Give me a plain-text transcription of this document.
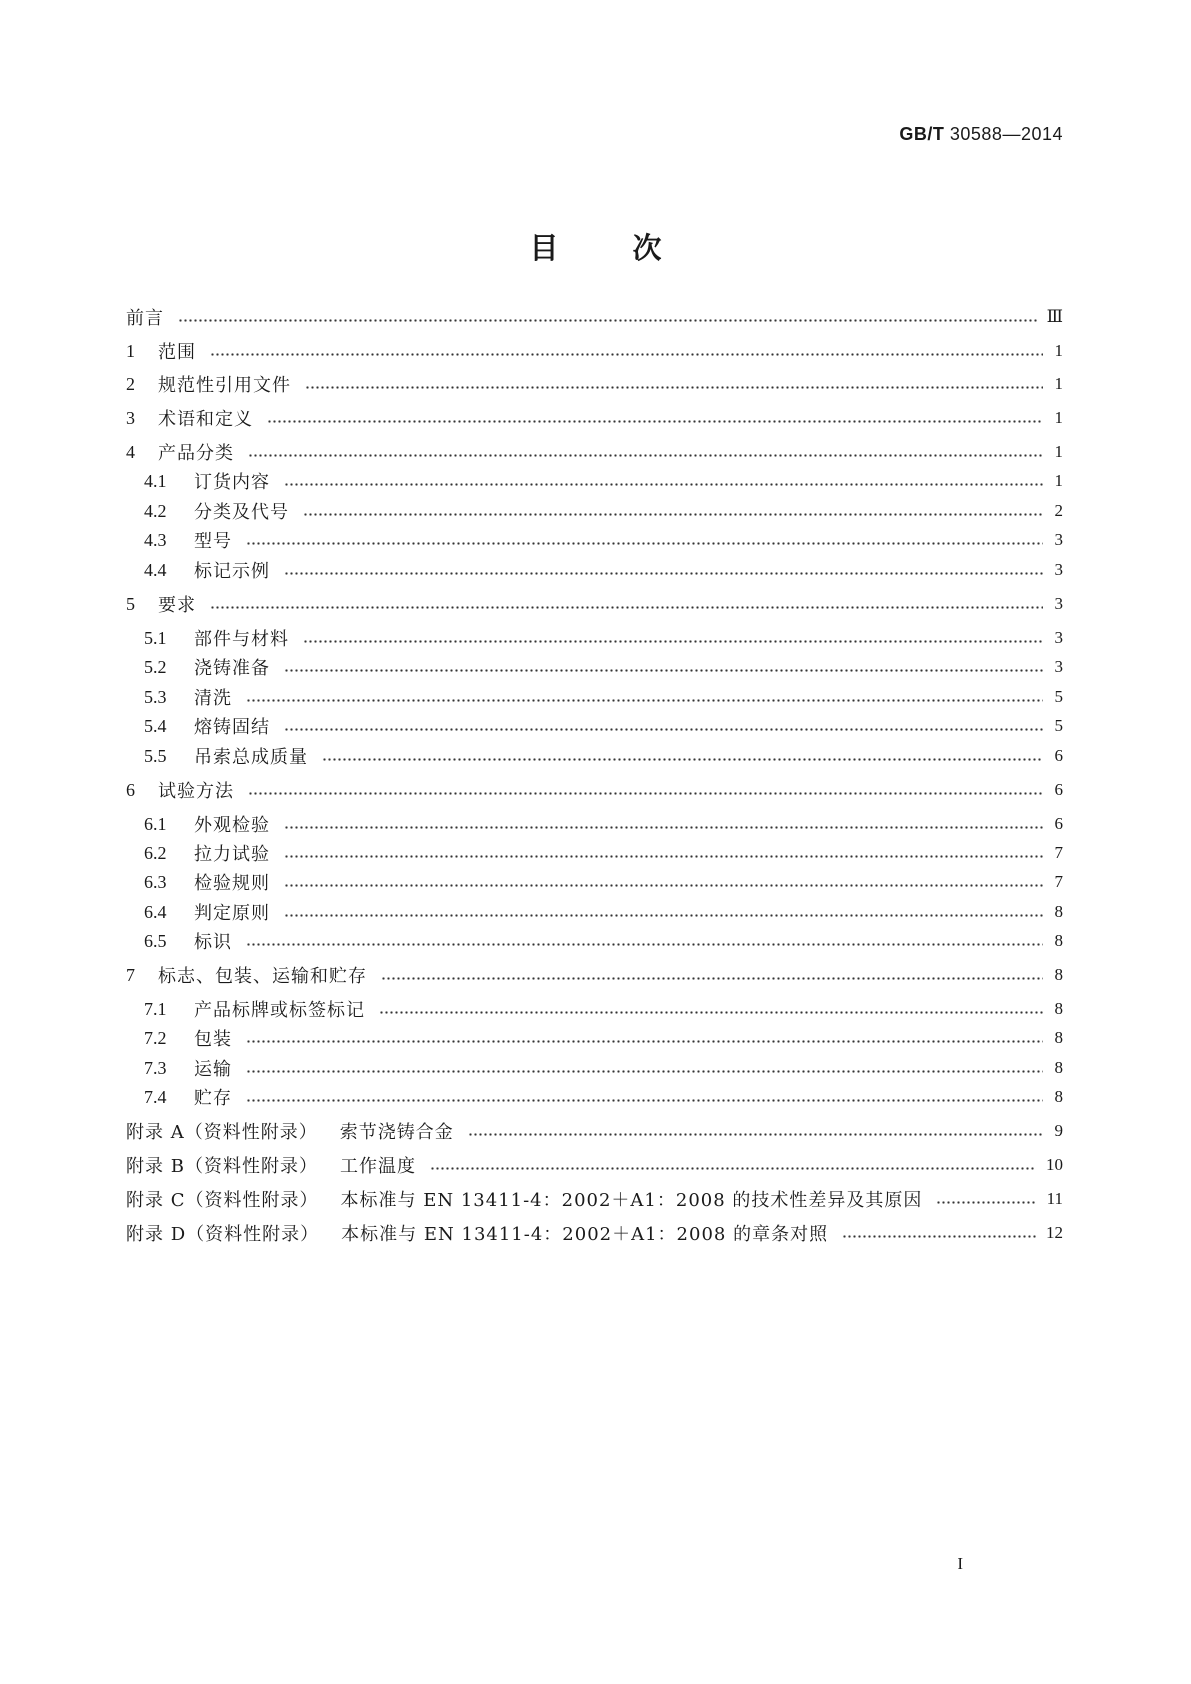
GB/T 30588—2014
目	次
前言	Ⅲ
1	范围	1
2	规范性引用文件	1
3	术语和定义	1
4	产品分类	1
4.1	订货内容	1
4.2	分类及代号	2
4.3	型号	3
4.4	标记示例	3
5	要求	3
5.1	部件与材料	3
5.2	浇铸准备	3
5.3	清洗	5
5.4	熔铸固结	5
5.5	吊索总成质量	6
6	试验方法	6
6.1	外观检验	6
6.2	拉力试验	7
6.3	检验规则	7
6.4	判定原则	8
6.5	标识	8
7	标志、包装、运输和贮存	8
7.1	产品标牌或标签标记	8
7.2	包装	8
7.3	运输	8
7.4	贮存	8
附录 A（资料性附录） 索节浇铸合金	9
附录 B（资料性附录） 工作温度	10
附录 C（资料性附录） 本标准与 EN 13411-4：2002＋A1：2008 的技术性差异及其原因	11
附录 D（资料性附录） 本标准与 EN 13411-4：2002＋A1：2008 的章条对照	12
I
